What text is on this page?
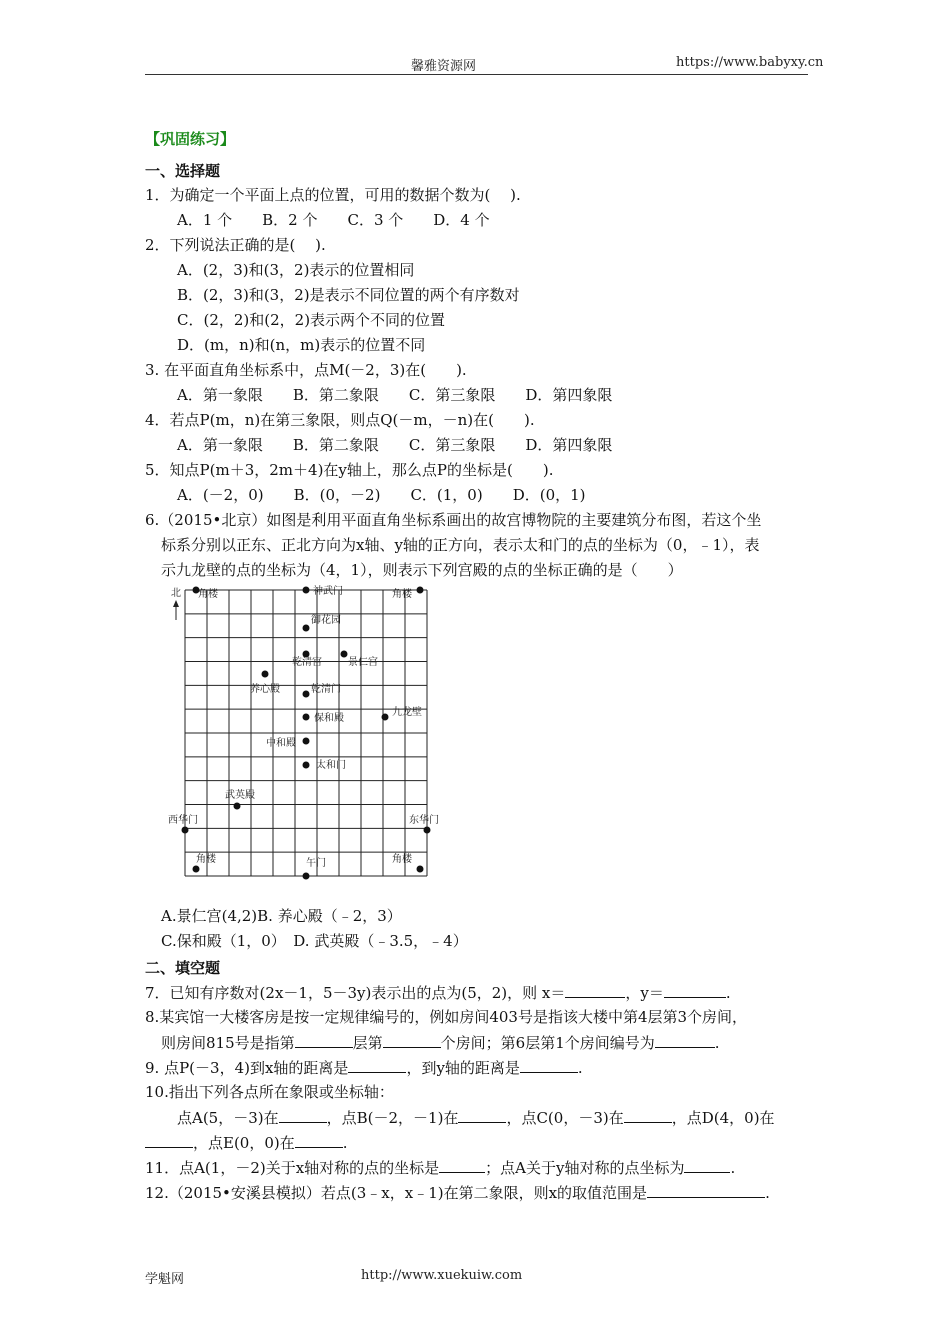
馨雅资源网	https://www.babyxy.cn
【巩固练习】
一、选择题
1．为确定一个平面上点的位置，可用的数据个数为(　 ).
A．1 个　　B．2 个　　C．3 个　　D．4 个
2．下列说法正确的是(　 ).
A．(2，3)和(3，2)表示的位置相同
B．(2，3)和(3，2)是表示不同位置的两个有序数对
C．(2，2)和(2，2)表示两个不同的位置
D．(m，n)和(n，m)表示的位置不同
3. 在平面直角坐标系中，点M(－2，3)在(　　).
A．第一象限　　B．第二象限　　C．第三象限　　D．第四象限
4．若点P(m，n)在第三象限，则点Q(－m，－n)在(　　).
A．第一象限　　B．第二象限　　C．第三象限　　D．第四象限
5．知点P(m＋3，2m＋4)在y轴上，那么点P的坐标是(　　).
A．(－2，0)　　B．(0，－2)　　C．(1，0)　　D．(0，1)
6.（2015•北京）如图是利用平面直角坐标系画出的故宫博物院的主要建筑分布图，若这个坐
标系分别以正东、正北方向为x轴、y轴的正方向，表示太和门的点的坐标为（0，﹣1），表
示九龙壁的点的坐标为（4，1），则表示下列宫殿的点的坐标正确的是（　　）
北 角楼	角楼
角楼	角楼
神武门
御花园
乾清宫	景仁宫
养心殿	乾清门
保和殿
九龙壁
中和殿
太和门
武英殿
西华门	东华门
午门
A.景仁宫(4,2)B. 养心殿（﹣2，3）
C.保和殿（1，0）　D. 武英殿（﹣3.5，﹣4）
二、填空题
7．已知有序数对(2x－1，5－3y)表示出的点为(5，2)，则 x＝	，y＝	.
8.某宾馆一大楼客房是按一定规律编号的，例如房间403号是指该大楼中第4层第3个房间，
则房间815号是指第	层第	个房间；第6层第1个房间编号为	.
9. 点P(－3，4)到x轴的距离是	，到y轴的距离是	.
10.指出下列各点所在象限或坐标轴：
点A(5，－3)在	，点B(－2，－1)在	，点C(0，－3)在	，点D(4，0)在
，点E(0，0)在	.
11．点A(1，－2)关于x轴对称的点的坐标是	；点A关于y轴对称的点坐标为	.
12.（2015•安溪县模拟）若点(3﹣x，x﹣1)在第二象限，则x的取值范围是	.
学魁网	http://www.xuekuiw.com
